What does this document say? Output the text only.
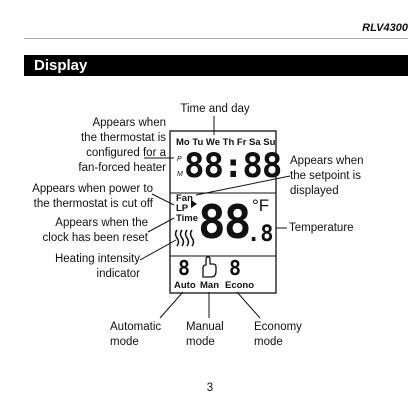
RLV4300
Display
Mo Tu We Th Fr Sa Su
P
M 88:88
Fan
LP
Time 88
.8
°F
8 8
Auto Man Econo
Time and day
Appears when
the thermostat is
configured for a
fan-forced heater
Appears when power to
the thermostat is cut off
Appears when the
clock has been reset
Heating intensity
indicator
Appears when
the setpoint is
displayed
Temperature
Automatic
mode
Manual
mode
Economy
mode
3
